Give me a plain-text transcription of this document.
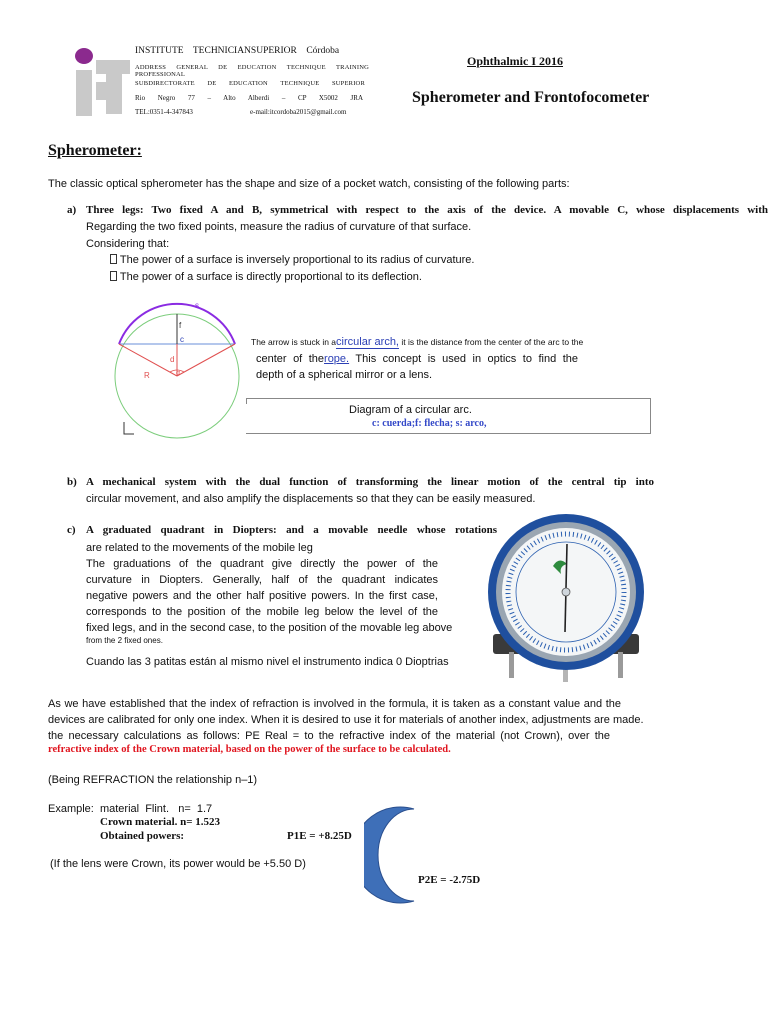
INSTITUTE    TECHNICIANSUPERIOR    Córdoba
ADDRESS GENERAL DE EDUCATION TECHNIQUE TRAINING PROFESSIONAL
SUBDIRECTORATE DE EDUCATION TECHNIQUE SUPERIOR
Rio Negro 77 – Alto Alberdi – CP X5002 JRA
TEL:0351-4-347843	e-mail:itcordoba2015@gmail.com
Ophthalmic I 2016
Spherometer and Frontofocometer
Spherometer:
The classic optical spherometer has the shape and size of a pocket watch, consisting of the following parts:
a) Three legs: Two fixed A and B, symmetrical with respect to the axis of the device. A movable C, whose displacements with
Regarding the two fixed points, measure the radius of curvature of that surface.
Considering that:
The power of a surface is inversely proportional to its radius of curvature.
The power of a surface is directly proportional to its deflection.
s
f
c
d
R	α
The arrow is stuck in acircular arch, it is the distance from the center of the arc to the
center of therope. This concept is used in optics to find the
depth of a spherical mirror or a lens.
Diagram of a circular arc.
c: cuerda;f: flecha; s: arco,
b) A mechanical system with the dual function of transforming the linear motion of the central tip into
circular movement, and also amplify the displacements so that they can be easily measured.
c) A graduated quadrant in Diopters: and a movable needle whose rotations
are related to the movements of the mobile leg
The graduations of the quadrant give directly the power of the
curvature in Diopters. Generally, half of the quadrant indicates
negative powers and the other half positive powers. In the first case,
corresponds to the position of the mobile leg below the level of the
fixed legs, and in the second case, to the position of the movable leg above
from the 2 fixed ones.
Cuando las 3 patitas están al mismo nivel el instrumento indica 0 Dioptrias
As we have established that the index of refraction is involved in the formula, it is taken as a constant value and the
devices are calibrated for only one index. When it is desired to use it for materials of another index, adjustments are made.
the necessary calculations as follows: PE Real = to the refractive index of the material (not Crown), over the
refractive index of the Crown material, based on the power of the surface to be calculated.
(Being REFRACTION the relationship n–1)
Example:  material  Flint.   n=  1.7
Crown material. n= 1.523
Obtained powers:	P1E = +8.25D
(If the lens were Crown, its power would be +5.50 D)
P2E = -2.75D
